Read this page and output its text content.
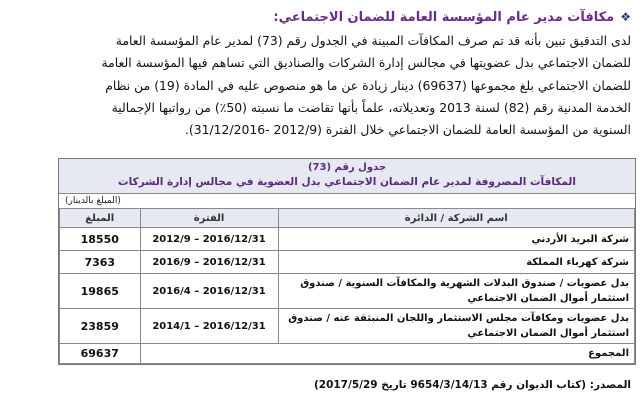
❖
مكافآت مدير عام المؤسسة العامة للضمان الاجتماعي:

لدى التدقيق تبين بأنه قد تم صرف المكافآت المبينة في الجدول رقم (73) لمدير عام المؤسسة العامة

للضمان الاجتماعي بدل عضويتها في مجالس إدارة الشركات والصناديق التي تساهم فيها المؤسسة العامة

للضمان الاجتماعي بلغ مجموعها (69637) دينار زيادة عن ما هو منصوص عليه في المادة (19) من نظام

الخدمة المدنية رقم (82) لسنة 2013 وتعديلاته، علماً بأنها تقاضت ما نسبته (50٪) من رواتبها الإجمالية

السنوية من المؤسسة العامة للضمان الاجتماعي خلال الفترة (2012/9 -31/12/2016).

جدول رقم (73)
المكافآت المصروفة لمدير عام الضمان الاجتماعي بدل العضوية في مجالس إدارة الشركات
(المبلغ بالدينار)
اسم الشركة / الدائرة	الفترة	المبلغ
شركة البريد الأردني	2012/9 – 2016/12/31	18550
شركة كهرباء المملكة	2016/9 – 2016/12/31	7363
بدل عضويات / صندوق البدلات الشهرية والمكافآت السنوية / صندوق استثمار أموال الضمان الاجتماعي	2016/4 – 2016/12/31	19865
بدل عضويات ومكافآت مجلس الاستثمار واللجان المنبثقة عنه / صندوق استثمار أموال الضمان الاجتماعي	2014/1 – 2016/12/31	23859
المجموع		69637
المصدر: (كتاب الديوان رقم 9654/3/14/13 تاريخ 2017/5/29)
